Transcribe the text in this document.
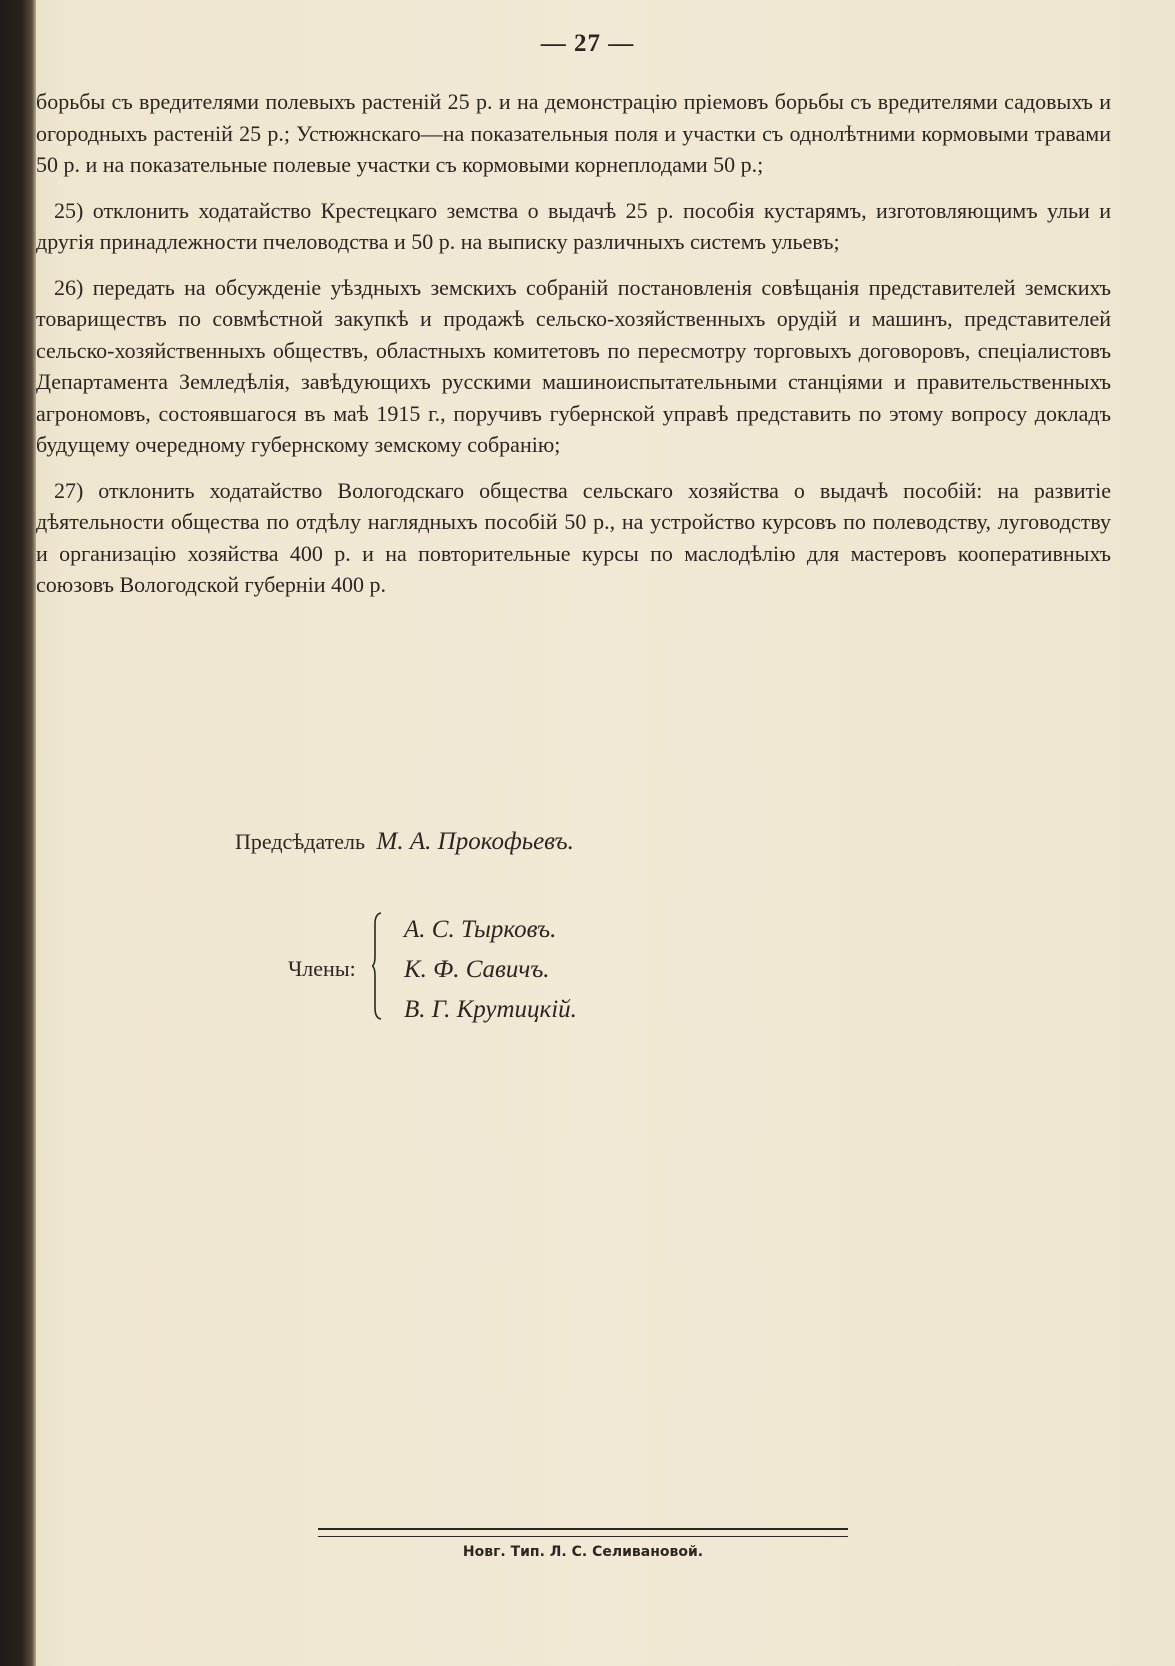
— 27 —

борьбы съ вредителями полевыхъ растеній 25 р. и на демонстрацію пріемовъ борьбы съ вредителями садовыхъ и огородныхъ растеній 25 р.; Устюжнскаго—на показательныя поля и участки съ однолѣтними кормовыми травами 50 р. и на показательные полевые участки съ кормовыми корнеплодами 50 р.;

25) отклонить ходатайство Крестецкаго земства о выдачѣ 25 р. пособія кустарямъ, изготовляющимъ ульи и другія принадлежности пчеловодства и 50 р. на выписку различныхъ системъ ульевъ;

26) передать на обсужденіе уѣздныхъ земскихъ собраній постановленія совѣщанія представителей земскихъ товариществъ по совмѣстной закупкѣ и продажѣ сельско-хозяйственныхъ орудій и машинъ, представителей сельско-хозяйственныхъ обществъ, областныхъ комитетовъ по пересмотру торговыхъ договоровъ, спеціалистовъ Департамента Земледѣлія, завѣдующихъ русскими машиноиспытательными станціями и правительственныхъ агрономовъ, состоявшагося въ маѣ 1915 г., поручивъ губернской управѣ представить по этому вопросу докладъ будущему очередному губернскому земскому собранію;

27) отклонить ходатайство Вологодскаго общества сельскаго хозяйства о выдачѣ пособій: на развитіе дѣятельности общества по отдѣлу наглядныхъ пособій 50 р., на устройство курсовъ по полеводству, луговодству и организацію хозяйства 400 р. и на повторительные курсы по маслодѣлію для мастеровъ кооперативныхъ союзовъ Вологодской губерніи 400 р.

Предсѣдатель М. А. Прокофьевъ.
Члены:
А. С. Тырковъ.
К. Ф. Савичъ.
В. Г. Крутицкій.
Новг. Тип. Л. С. Селивановой.
